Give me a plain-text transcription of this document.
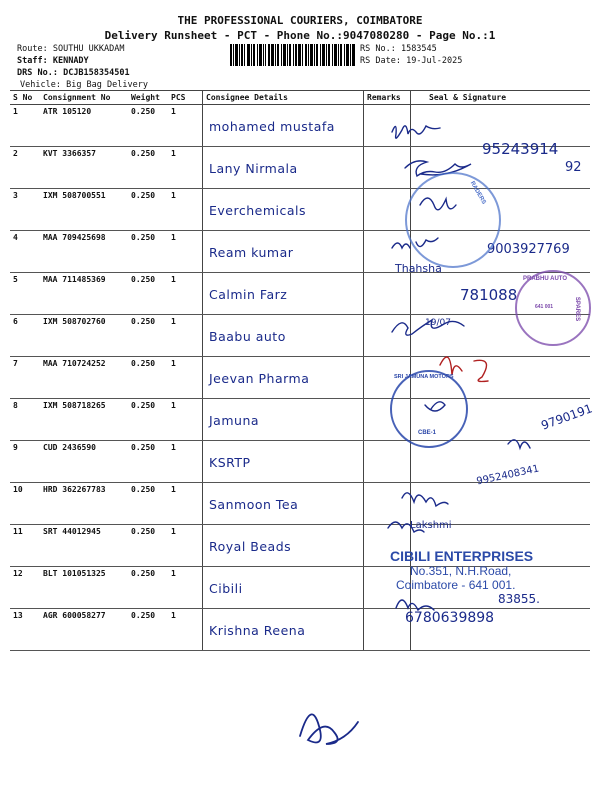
THE PROFESSIONAL COURIERS, COIMBATORE
Delivery Runsheet - PCT - Phone No.:9047080280 - Page No.:1
Route: SOUTHU UKKADAM
Staff: KENNADY
DRS No.: DCJB158354501
Vehicle: Big Bag Delivery
RS No.: 1583545
RS Date: 19-Jul-2025
S No	Consignment No	Weight	PCS	Consignee Details	Remarks	Seal & Signature
1	ATR 105120	0.250	1	mohamed mustafa		

2	KVT 3366357	0.250	1	Lany Nirmala		

3	IXM 508700551	0.250	1	Everchemicals		

4	MAA 709425698	0.250	1	Ream kumar		

5	MAA 711485369	0.250	1	Calmin Farz		

6	IXM 508702760	0.250	1	Baabu auto		

7	MAA 710724252	0.250	1	Jeevan Pharma		

8	IXM 508718265	0.250	1	Jamuna		

9	CUD 2436590	0.250	1	KSRTP		

10	HRD 362267783	0.250	1	Sanmoon Tea		

11	SRT 44012945	0.250	1	Royal Beads		

12	BLT 101051325	0.250	1	Cibili		

13	AGR 600058277	0.250	1	Krishna Reena		

95243914
92
9003927769
Thahsha
781088
19/07
9790191
9952408341
Lakshmi
83855.
6780639898
RADERS
PRABHU AUTO
SPARES
641 001
SRI JAMUNA MOTORS
CBE-1
CIBILI ENTERPRISES
No.351, N.H.Road,
Coimbatore - 641 001.
